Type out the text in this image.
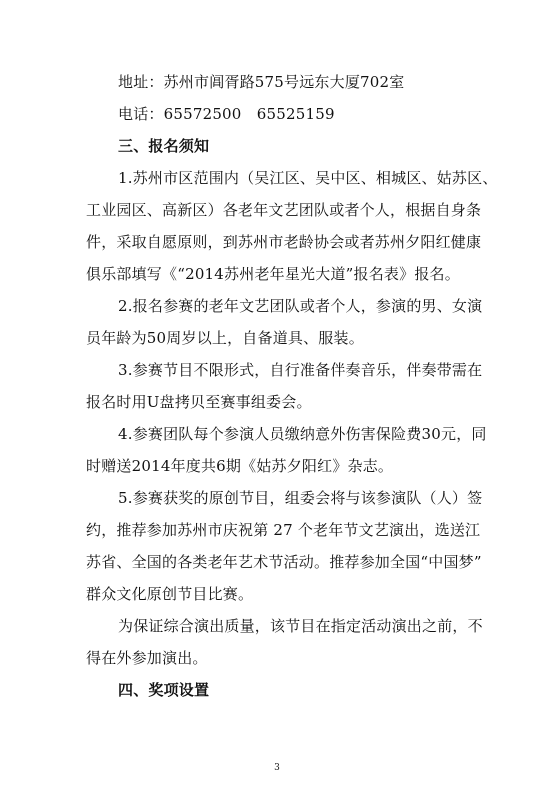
地址：苏州市阊胥路575号远东大厦702室
电话：65572500　65525159
三、报名须知
1.苏州市区范围内（吴江区、吴中区、相城区、姑苏区、
工业园区、高新区）各老年文艺团队或者个人，根据自身条
件，采取自愿原则，到苏州市老龄协会或者苏州夕阳红健康
俱乐部填写《“2014苏州老年星光大道”报名表》报名。
2.报名参赛的老年文艺团队或者个人，参演的男、女演
员年龄为50周岁以上，自备道具、服装。
3.参赛节目不限形式，自行准备伴奏音乐，伴奏带需在
报名时用U盘拷贝至赛事组委会。
4.参赛团队每个参演人员缴纳意外伤害保险费30元，同
时赠送2014年度共6期《姑苏夕阳红》杂志。
5.参赛获奖的原创节目，组委会将与该参演队（人）签
约，推荐参加苏州市庆祝第 27 个老年节文艺演出，选送江
苏省、全国的各类老年艺术节活动。推荐参加全国“中国梦”
群众文化原创节目比赛。
为保证综合演出质量，该节目在指定活动演出之前，不
得在外参加演出。
四、奖项设置
3
